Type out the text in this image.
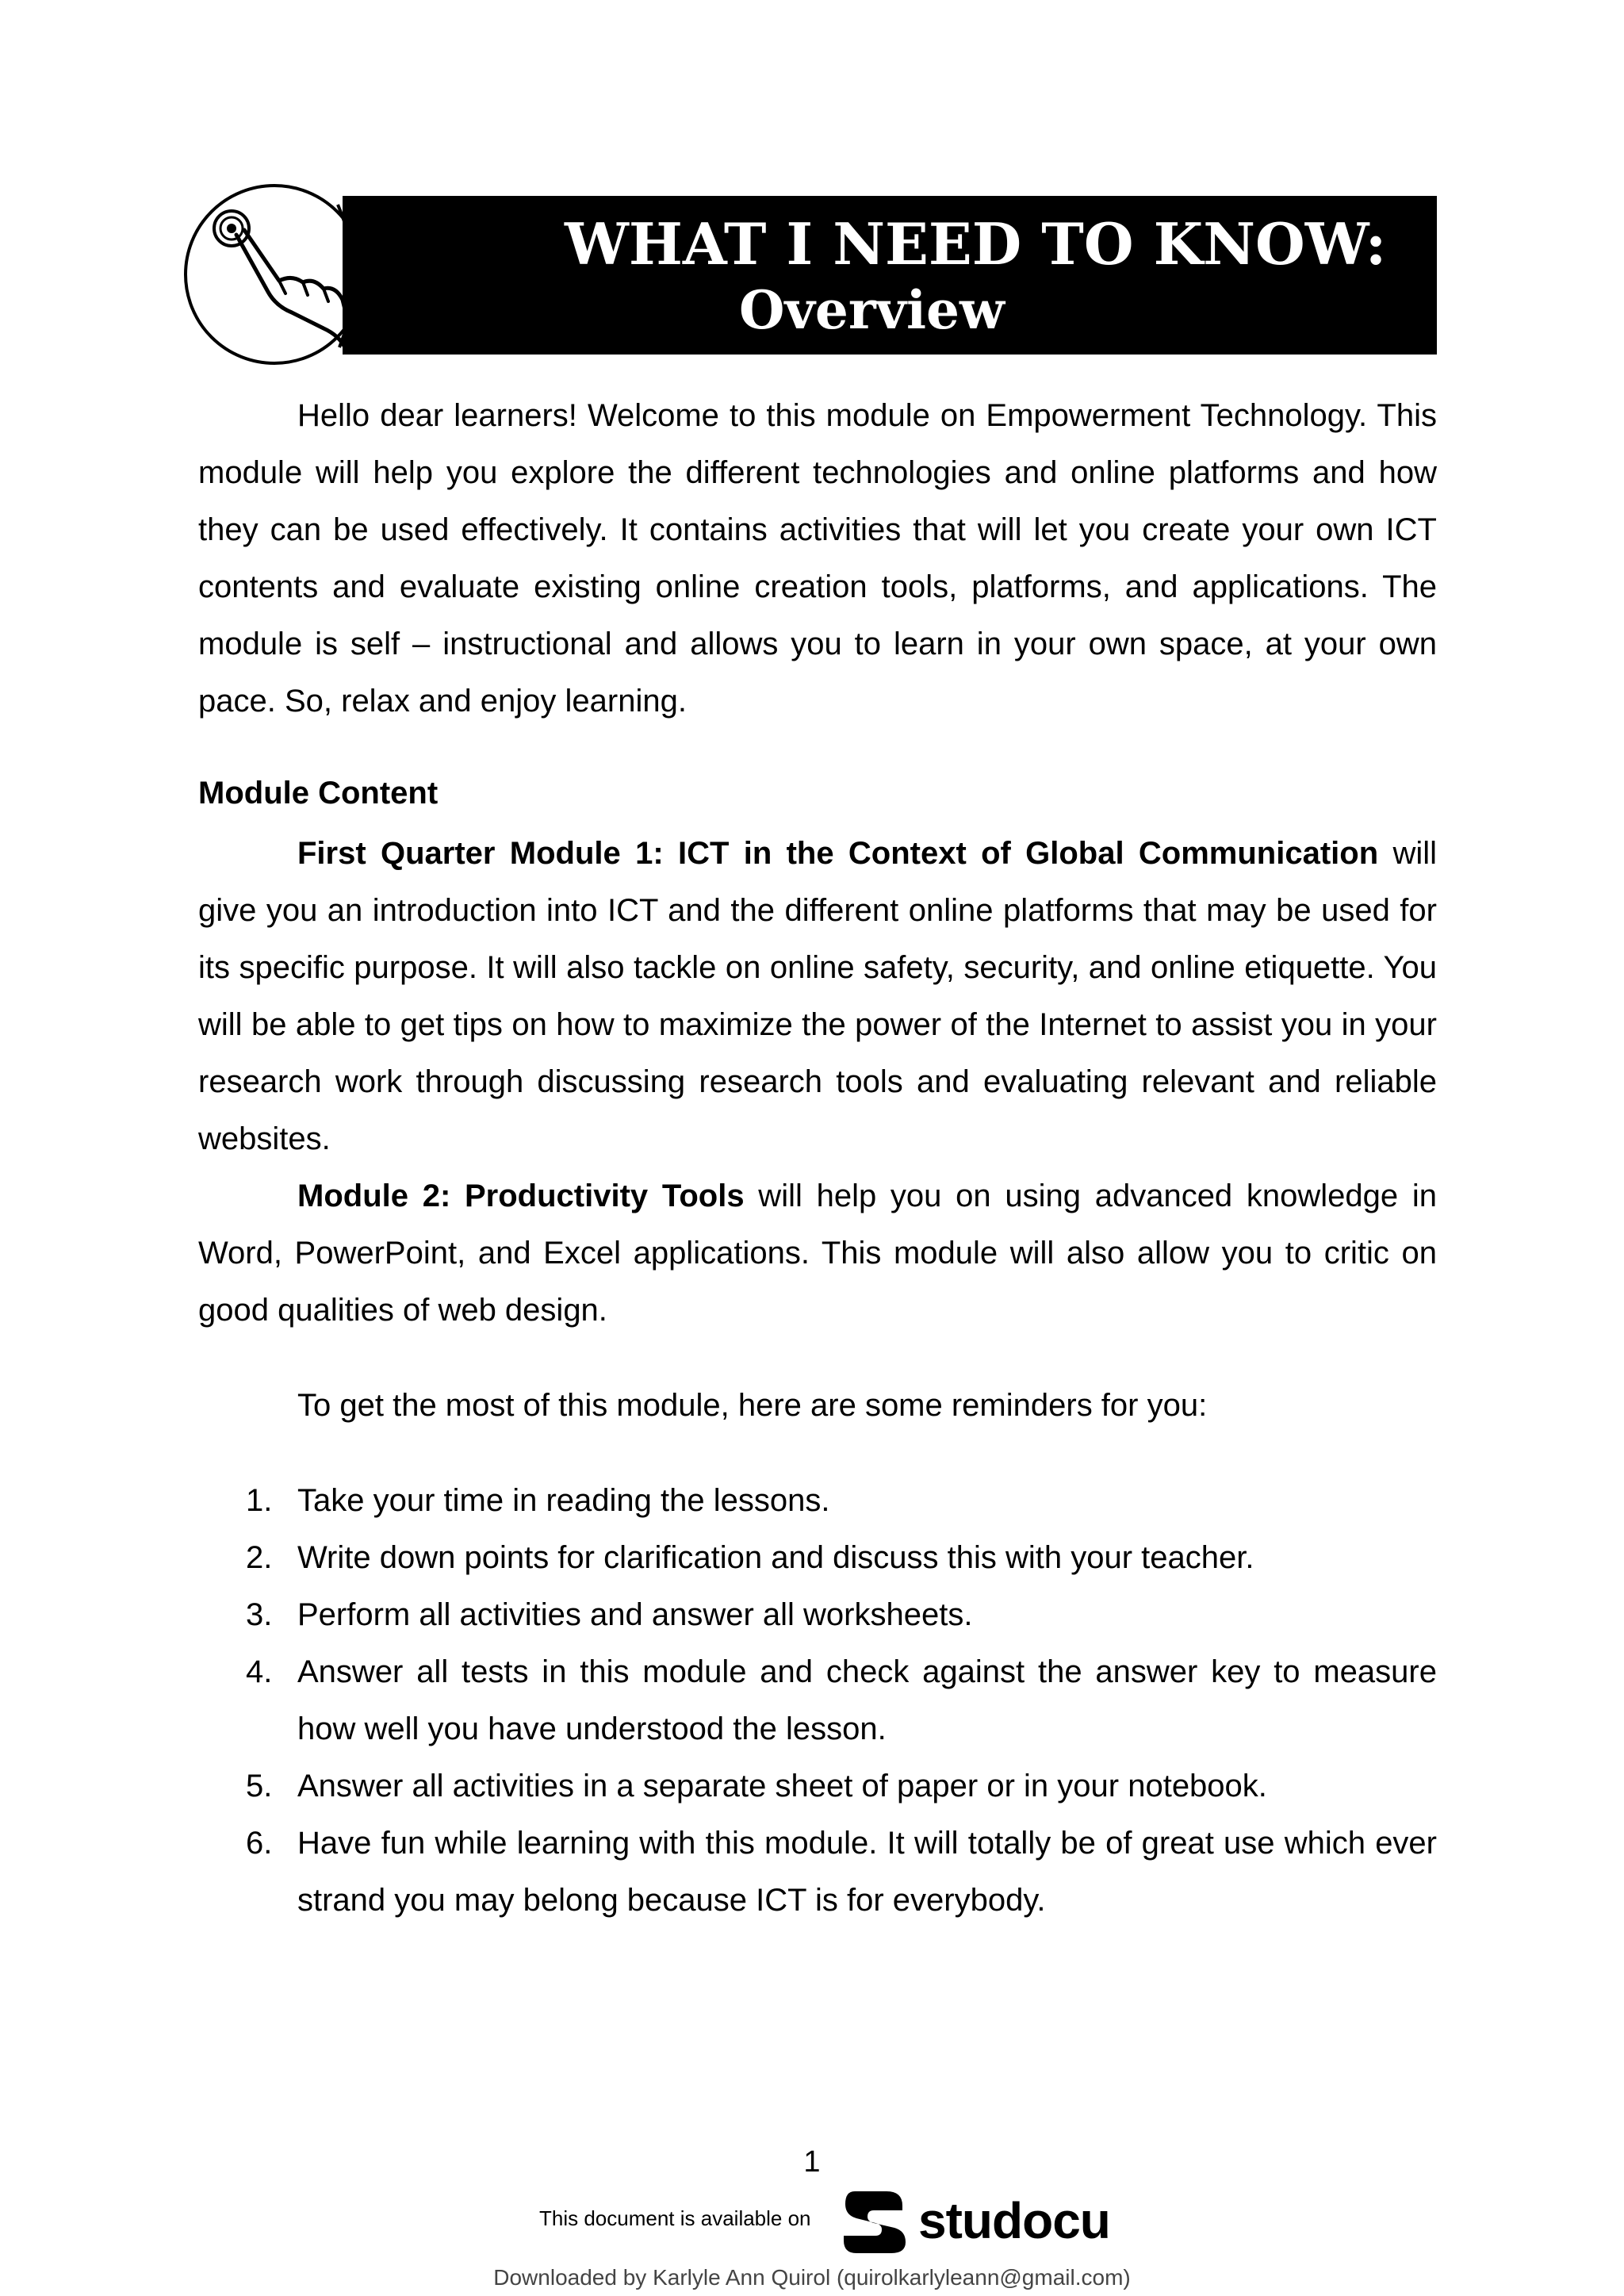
WHAT I NEED TO KNOW:
Overview

Hello dear learners! Welcome to this module on Empowerment Technology. This module will help you explore the different technologies and online platforms and how they can be used effectively. It contains activities that will let you create your own ICT contents and evaluate existing online creation tools, platforms, and applications. The module is self – instructional and allows you to learn in your own space, at your own pace. So, relax and enjoy learning.

Module Content

First Quarter Module 1: ICT in the Context of Global Communication will give you an introduction into ICT and the different online platforms that may be used for its specific purpose. It will also tackle on online safety, security, and online etiquette. You will be able to get tips on how to maximize the power of the Internet to assist you in your research work through discussing research tools and evaluating relevant and reliable websites.

Module 2: Productivity Tools will help you on using advanced knowledge in Word, PowerPoint, and Excel applications. This module will also allow you to critic on good qualities of web design.

To get the most of this module, here are some reminders for you:

1. Take your time in reading the lessons.
2. Write down points for clarification and discuss this with your teacher.
3. Perform all activities and answer all worksheets.
4. Answer all tests in this module and check against the answer key to measure how well you have understood the lesson.
5. Answer all activities in a separate sheet of paper or in your notebook.
6. Have fun while learning with this module. It will totally be of great use which ever strand you may belong because ICT is for everybody.
1
This document is available on studocu
Downloaded by Karlyle Ann Quirol (quirolkarlyleann@gmail.com)
